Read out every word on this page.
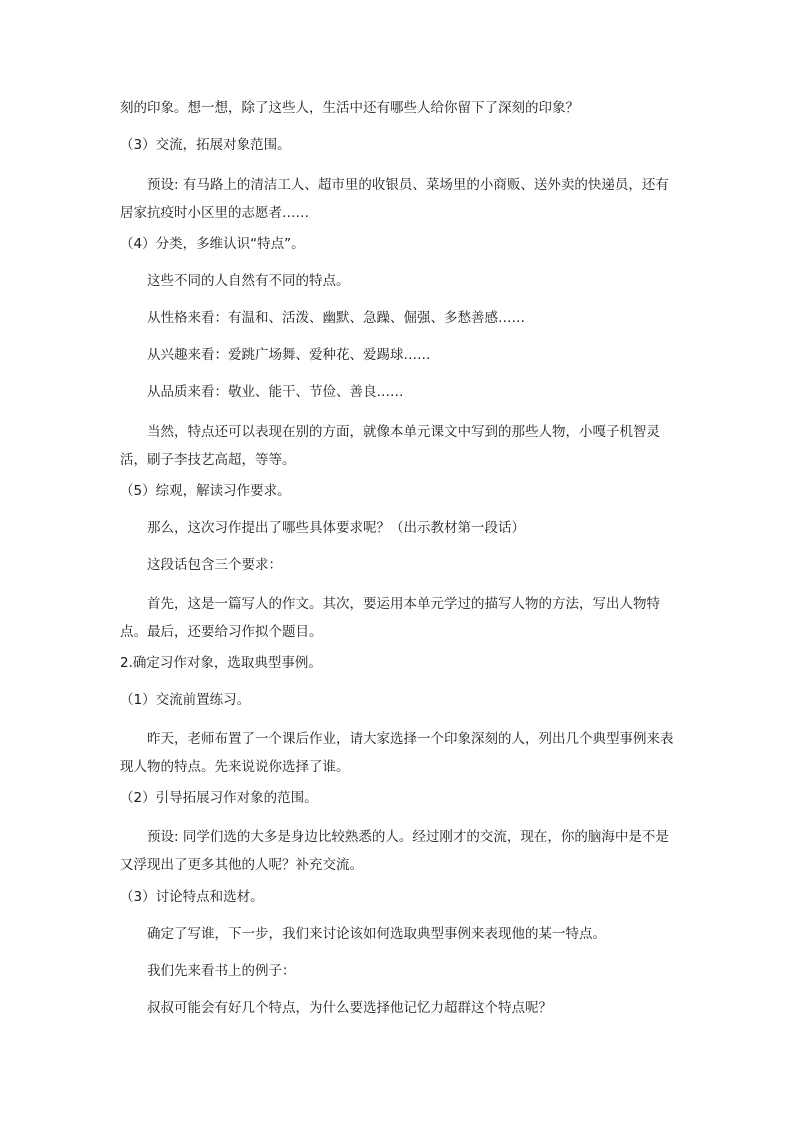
刻的印象。想一想，除了这些人，生活中还有哪些人给你留下了深刻的印象？

（3）交流，拓展对象范围。

预设: 有马路上的清洁工人、超市里的收银员、菜场里的小商贩、送外卖的快递员，还有居家抗疫时小区里的志愿者……

（4）分类，多维认识“特点”。

这些不同的人自然有不同的特点。

从性格来看：有温和、活泼、幽默、急躁、倔强、多愁善感……

从兴趣来看：爱跳广场舞、爱种花、爱踢球……

从品质来看：敬业、能干、节俭、善良……

当然，特点还可以表现在别的方面，就像本单元课文中写到的那些人物，小嘎子机智灵活，刷子李技艺高超，等等。

（5）综观，解读习作要求。

那么，这次习作提出了哪些具体要求呢？（出示教材第一段话）

这段话包含三个要求：

首先，这是一篇写人的作文。其次，要运用本单元学过的描写人物的方法，写出人物特点。最后，还要给习作拟个题目。

2.确定习作对象，选取典型事例。

（1）交流前置练习。

昨天，老师布置了一个课后作业，请大家选择一个印象深刻的人，列出几个典型事例来表现人物的特点。先来说说你选择了谁。

（2）引导拓展习作对象的范围。

预设: 同学们选的大多是身边比较熟悉的人。经过刚才的交流，现在，你的脑海中是不是又浮现出了更多其他的人呢？补充交流。

（3）讨论特点和选材。

确定了写谁，下一步，我们来讨论该如何选取典型事例来表现他的某一特点。

我们先来看书上的例子：

叔叔可能会有好几个特点，为什么要选择他记忆力超群这个特点呢？
